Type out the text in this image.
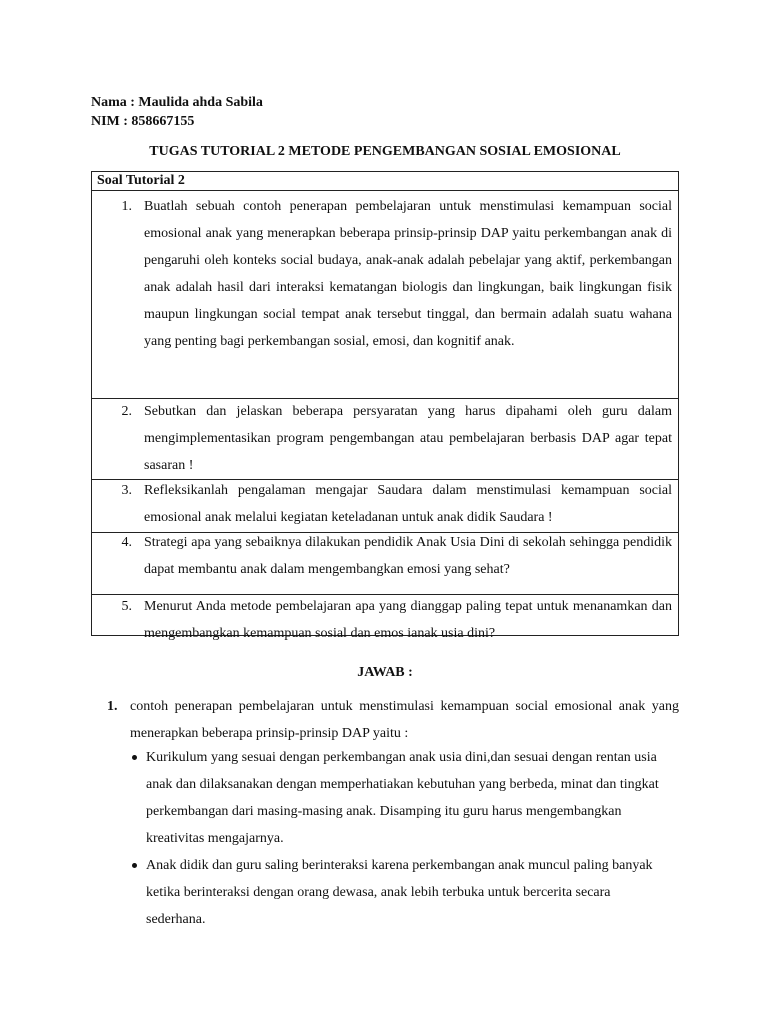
Nama : Maulida ahda Sabila
NIM : 858667155
TUGAS TUTORIAL 2 METODE PENGEMBANGAN SOSIAL EMOSIONAL
Soal Tutorial 2
1. Buatlah sebuah contoh penerapan pembelajaran untuk menstimulasi kemampuan social emosional anak yang menerapkan beberapa prinsip-prinsip DAP yaitu perkembangan anak di pengaruhi oleh konteks social budaya, anak-anak adalah pebelajar yang aktif, perkembangan anak adalah hasil dari interaksi kematangan biologis dan lingkungan, baik lingkungan fisik maupun lingkungan social tempat anak tersebut tinggal, dan bermain adalah suatu wahana yang penting bagi perkembangan sosial, emosi, dan kognitif anak.
2. Sebutkan dan jelaskan beberapa persyaratan yang harus dipahami oleh guru dalam mengimplementasikan program pengembangan atau pembelajaran berbasis DAP agar tepat sasaran !
3. Refleksikanlah pengalaman mengajar Saudara dalam menstimulasi kemampuan social emosional anak melalui kegiatan keteladanan untuk anak didik Saudara !
4. Strategi apa yang sebaiknya dilakukan pendidik Anak Usia Dini di sekolah sehingga pendidik dapat membantu anak dalam mengembangkan emosi yang sehat?
5. Menurut Anda metode pembelajaran apa yang dianggap paling tepat untuk menanamkan dan mengembangkan kemampuan sosial dan emos ianak usia dini?
JAWAB :
1. contoh penerapan pembelajaran untuk menstimulasi kemampuan social emosional anak yang menerapkan beberapa prinsip-prinsip DAP yaitu :
Kurikulum yang sesuai dengan perkembangan anak usia dini,dan sesuai dengan rentan usia anak dan dilaksanakan dengan memperhatiakan kebutuhan yang berbeda, minat dan tingkat perkembangan dari masing-masing anak. Disamping itu guru harus mengembangkan kreativitas mengajarnya.
Anak didik dan guru saling berinteraksi karena perkembangan anak muncul paling banyak ketika berinteraksi dengan orang dewasa, anak lebih terbuka untuk bercerita secara sederhana.
